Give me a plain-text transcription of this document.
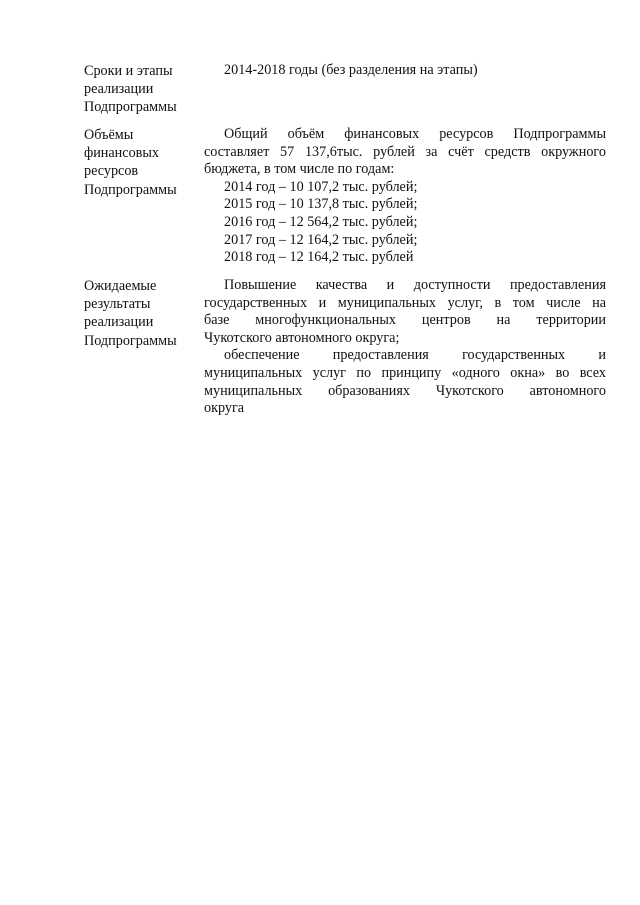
Сроки и этапы
реализации
Подпрограммы
2014-2018 годы (без разделения на этапы)
Объёмы
финансовых
ресурсов
Подпрограммы
Общий объём финансовых ресурсов Подпрограммы
составляет 57 137,6тыс. рублей за счёт средств окружного
бюджета, в том числе по годам:
2014 год – 10 107,2 тыс. рублей;
2015 год – 10 137,8 тыс. рублей;
2016 год – 12 564,2 тыс. рублей;
2017 год – 12 164,2 тыс. рублей;
2018 год – 12 164,2 тыс. рублей
Ожидаемые
результаты
реализации
Подпрограммы
Повышение качества и доступности предоставления
государственных и муниципальных услуг, в том числе на
базе многофункциональных центров на территории
Чукотского автономного округа;
обеспечение предоставления государственных и
муниципальных услуг по принципу «одного окна» во всех
муниципальных образованиях Чукотского автономного
округа
